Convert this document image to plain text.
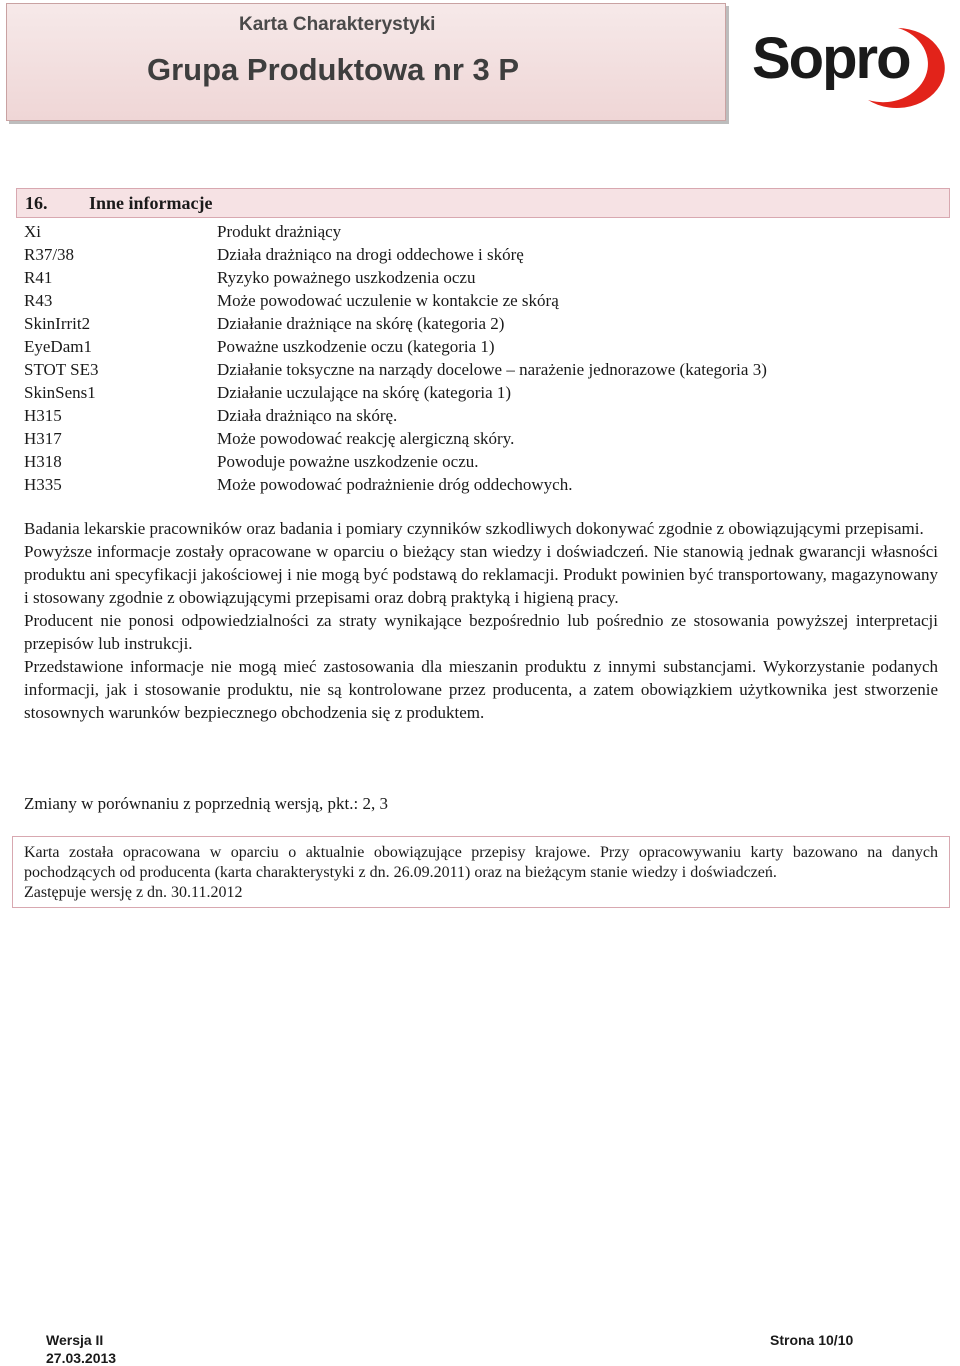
Karta Charakterystyki
Grupa Produktowa nr 3 P	Sopro
16. Inne informacje
Xi	Produkt drażniący
R37/38	Działa drażniąco na drogi oddechowe i skórę
R41	Ryzyko poważnego uszkodzenia oczu
R43	Może powodować uczulenie w kontakcie ze skórą
SkinIrrit2	Działanie drażniące na skórę (kategoria 2)
EyeDam1	Poważne uszkodzenie oczu (kategoria 1)
STOT SE3	Działanie toksyczne na narządy docelowe – narażenie jednorazowe (kategoria 3)
SkinSens1	Działanie uczulające na skórę (kategoria 1)
H315	Działa drażniąco na skórę.
H317	Może powodować reakcję alergiczną skóry.
H318	Powoduje poważne uszkodzenie oczu.
H335	Może powodować podrażnienie dróg oddechowych.

Badania lekarskie pracowników oraz badania i pomiary czynników szkodliwych dokonywać zgodnie z obowiązującymi przepisami.

Powyższe informacje zostały opracowane w oparciu o bieżący stan wiedzy i doświadczeń. Nie stanowią jednak gwarancji własności produktu ani specyfikacji jakościowej i nie mogą być podstawą do reklamacji. Produkt powinien być transportowany, magazynowany i stosowany zgodnie z obowiązującymi przepisami oraz dobrą praktyką i higieną pracy.

Producent nie ponosi odpowiedzialności za straty wynikające bezpośrednio lub pośrednio ze stosowania powyższej interpretacji przepisów lub instrukcji.

Przedstawione informacje nie mogą mieć zastosowania dla mieszanin produktu z innymi substancjami. Wykorzystanie podanych informacji, jak i stosowanie produktu, nie są kontrolowane przez producenta, a zatem obowiązkiem użytkownika jest stworzenie stosownych warunków bezpiecznego obchodzenia się z produktem.

Zmiany w porównaniu z poprzednią wersją, pkt.: 2, 3

Karta została opracowana w oparciu o aktualnie obowiązujące przepisy krajowe. Przy opracowywaniu karty bazowano na danych pochodzących od producenta (karta charakterystyki z dn. 26.09.2011) oraz na bieżącym stanie wiedzy i doświadczeń.

Zastępuje wersję z dn. 30.11.2012

Wersja II
27.03.2013
Strona 10/10
